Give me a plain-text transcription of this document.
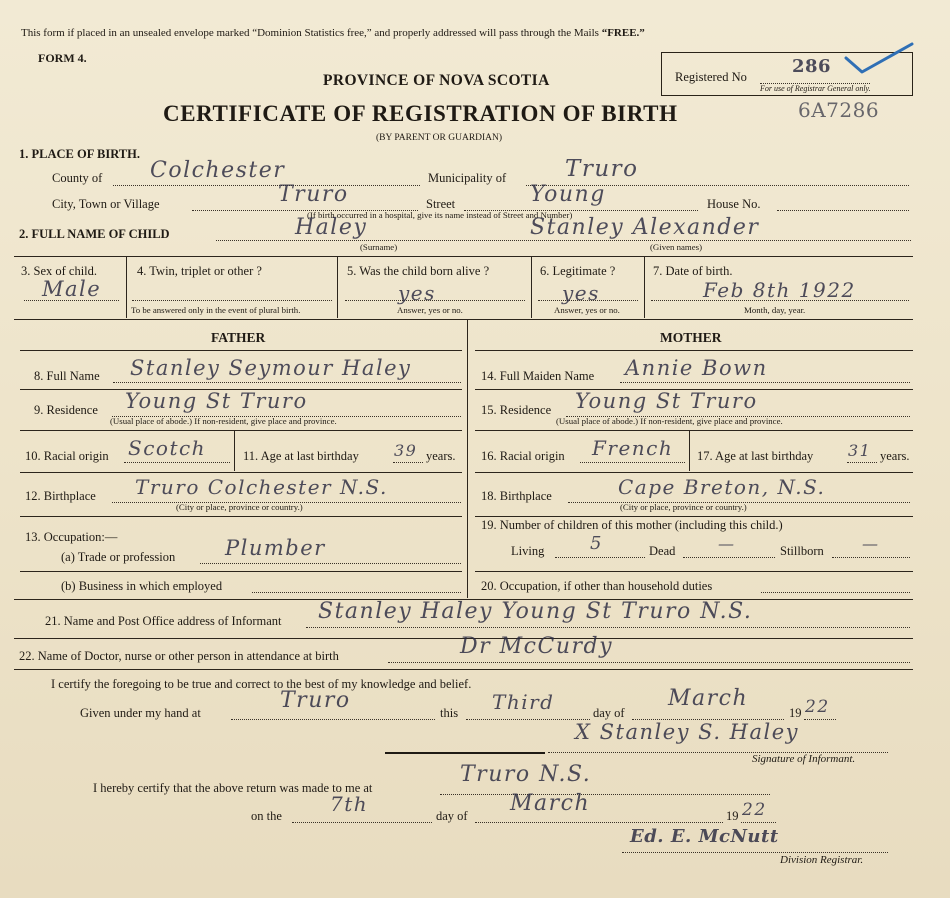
This form if placed in an unsealed envelope marked “Dominion Statistics free,” and properly addressed will pass through the Mails “FREE.”
FORM 4.
PROVINCE OF NOVA SCOTIA
CERTIFICATE OF REGISTRATION OF BIRTH
(BY PARENT OR GUARDIAN)
Registered No	286
For use of Registrar General only.
6A7286
1. PLACE OF BIRTH.
County of Colchester	Municipality of	Truro
City, Town or Village	Truro	Street	Young	House No.
(If birth occurred in a hospital, give its name instead of Street and Number)
2. FULL NAME OF CHILD	Haley	Stanley Alexander
(Surname)	(Given names)
3. Sex of child.
Male
4. Twin, triplet or other ?
To be answered only in the event of plural birth.
5. Was the child born alive ?
yes
Answer, yes or no.
6. Legitimate ?
yes
Answer, yes or no.
7. Date of birth.
Feb 8th 1922
Month, day, year.
FATHER	MOTHER
8. Full Name Stanley Seymour Haley
9. Residence Young St Truro
(Usual place of abode.) If non-resident, give place and province.
10. Racial origin Scotch	11. Age at last birthday 39 years.
12. Birthplace Truro Colchester N.S.
(City or place, province or country.)
13. Occupation:—
(a) Trade or profession Plumber
(b) Business in which employed
14. Full Maiden Name Annie Bown
15. Residence Young St Truro
(Usual place of abode.) If non-resident, give place and province.
16. Racial origin French 17. Age at last birthday 31 years.
18. Birthplace	Cape Breton, N.S.
(City or place, province or country.)
19. Number of children of this mother (including this child.)
Living	5	Dead	—	Stillborn —
20. Occupation, if other than household duties
21. Name and Post Office address of Informant Stanley Haley Young St Truro N.S.
22. Name of Doctor, nurse or other person in attendance at birth	Dr McCurdy
I certify the foregoing to be true and correct to the best of my knowledge and belief.
Given under my hand at	Truro	this Third	day of
March
19 22
X Stanley S. Haley
Signature of Informant.
I hereby certify that the above return was made to me at
Truro N.S.
on the 7th	day of March	19 22
Ed. E. McNutt
Division Registrar.
